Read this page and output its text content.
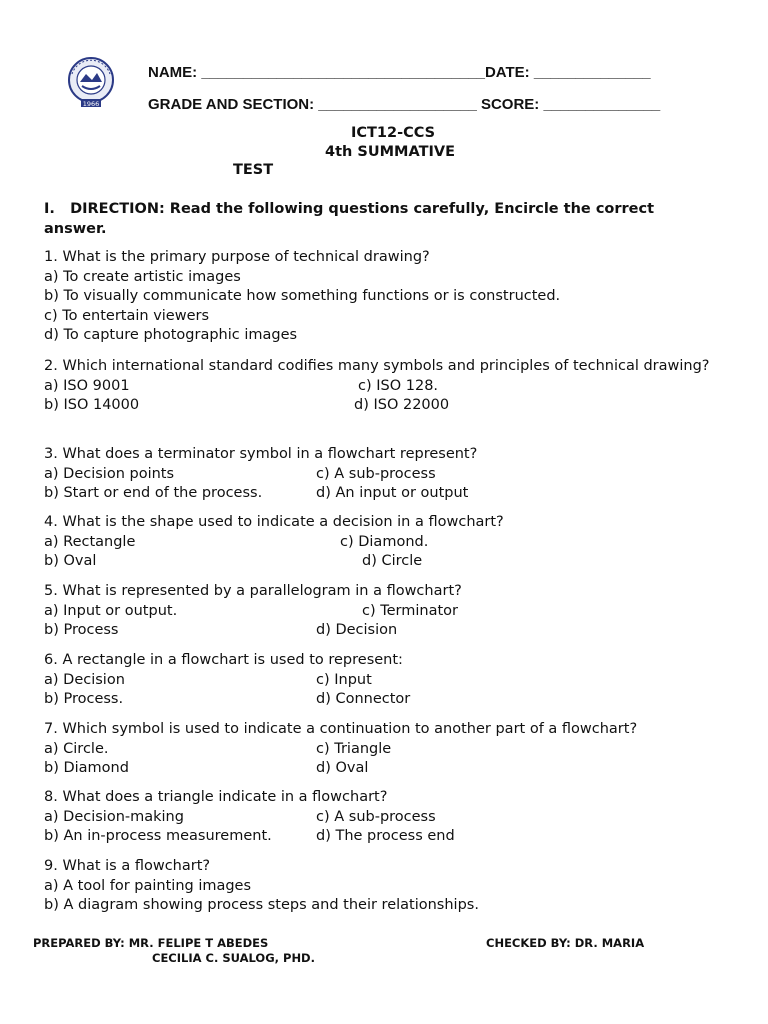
1966
NAME: __________________________________DATE: ______________
GRADE AND SECTION: ___________________ SCORE: ______________
ICT12-CCS
4th SUMMATIVE
TEST
I. DIRECTION: Read the following questions carefully, Encircle the correct answer.
1. What is the primary purpose of technical drawing?
a) To create artistic images
b) To visually communicate how something functions or is constructed.
c) To entertain viewers
d) To capture photographic images
2. Which international standard codifies many symbols and principles of technical drawing?
a) ISO 9001	c) ISO 128.
b) ISO 14000	d) ISO 22000
3. What does a terminator symbol in a flowchart represent?
a) Decision points	c) A sub-process
b) Start or end of the process.	d) An input or output
4. What is the shape used to indicate a decision in a flowchart?
a) Rectangle	c) Diamond.
b) Oval	d) Circle
5. What is represented by a parallelogram in a flowchart?
a) Input or output.	c) Terminator
b) Process	d) Decision
6. A rectangle in a flowchart is used to represent:
a) Decision	c) Input
b) Process.	d) Connector
7. Which symbol is used to indicate a continuation to another part of a flowchart?
a) Circle.	c) Triangle
b) Diamond	d) Oval
8. What does a triangle indicate in a flowchart?
a) Decision-making	c) A sub-process
b) An in-process measurement.	d) The process end
9. What is a flowchart?
a) A tool for painting images
b) A diagram showing process steps and their relationships.
PREPARED BY: MR. FELIPE T ABEDES
CECILIA C. SUALOG, PHD.
CHECKED BY: DR. MARIA
